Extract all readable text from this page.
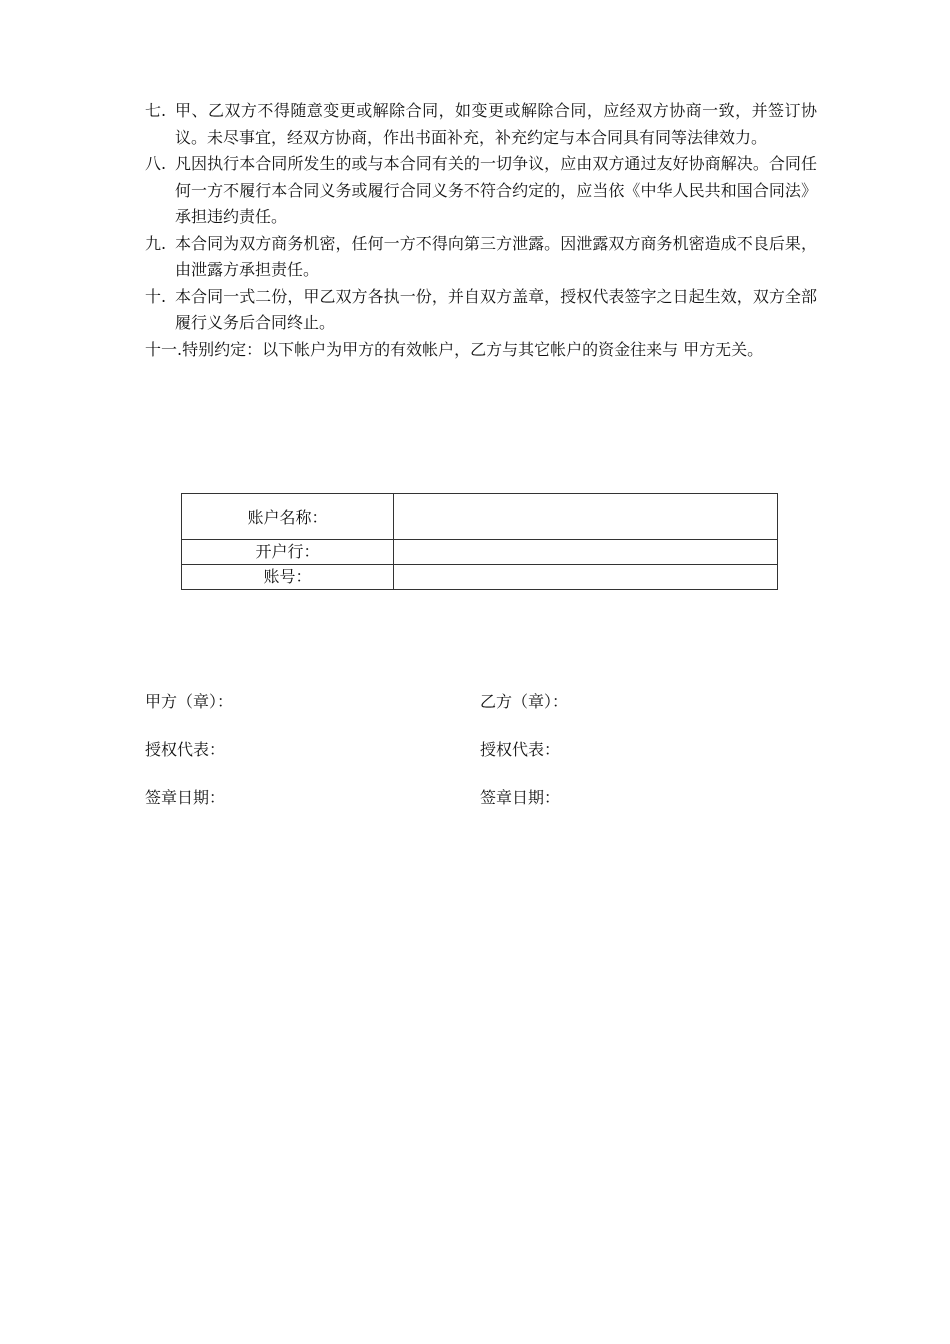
七. 甲、乙双方不得随意变更或解除合同，如变更或解除合同，应经双方协商一致，并签订协议。未尽事宜，经双方协商，作出书面补充，补充约定与本合同具有同等法律效力。
八. 凡因执行本合同所发生的或与本合同有关的一切争议，应由双方通过友好协商解决。合同任何一方不履行本合同义务或履行合同义务不符合约定的，应当依《中华人民共和国合同法》承担违约责任。
九. 本合同为双方商务机密，任何一方不得向第三方泄露。因泄露双方商务机密造成不良后果，由泄露方承担责任。
十. 本合同一式二份，甲乙双方各执一份，并自双方盖章，授权代表签字之日起生效，双方全部履行义务后合同终止。
十一. 特别约定：以下帐户为甲方的有效帐户，乙方与其它帐户的资金往来与 甲方无关。
账户名称：	
开户行：	
账号：	
甲方（章）：	乙方（章）：
授权代表：	授权代表：
签章日期：	签章日期：
